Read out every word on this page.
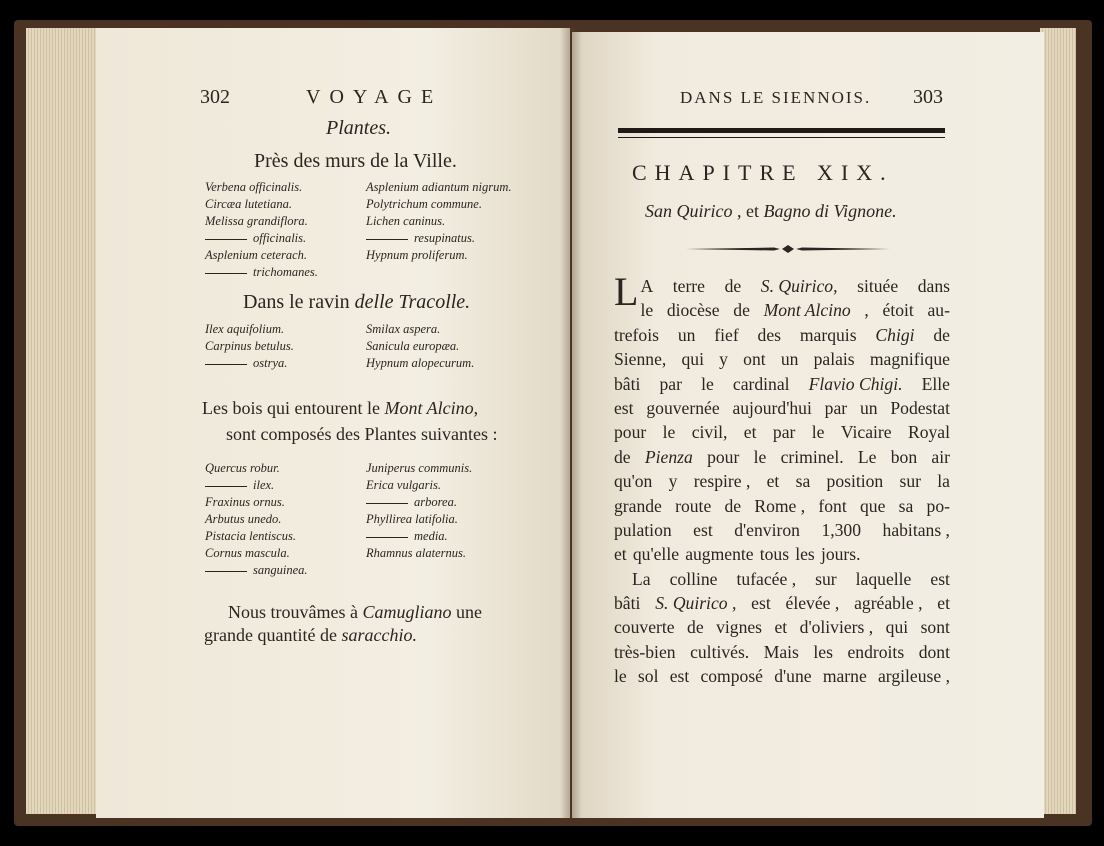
302	VOYAGE
Plantes.
Près des murs de la Ville.
Verbena officinalis.
Circæa lutetiana.
Melissa grandiflora.
officinalis.
Asplenium ceterach.
trichomanes.
Asplenium adiantum nigrum.
Polytrichum commune.
Lichen caninus.
resupinatus.
Hypnum proliferum.
Dans le ravin delle Tracolle.
Ilex aquifolium.
Carpinus betulus.
ostrya.
Smilax aspera.
Sanicula europæa.
Hypnum alopecurum.
Les bois qui entourent le Mont Alcino,
sont composés des Plantes suivantes :
Quercus robur.
ilex.
Fraxinus ornus.
Arbutus unedo.
Pistacia lentiscus.
Cornus mascula.
sanguinea.
Juniperus communis.
Erica vulgaris.
arborea.
Phyllirea latifolia.
media.
Rhamnus alaternus.
Nous trouvâmes à Camugliano une
grande quantité de saracchio.
DANS LE SIENNOIS. 303
CHAPITRE XIX.
San Quirico , et Bagno di Vignone.
L A terre de S. Quirico, située dans
le diocèse de Mont Alcino , étoit au-
trefois un fief des marquis Chigi de
Sienne, qui y ont un palais magnifique
bâti par le cardinal Flavio Chigi. Elle
est gouvernée aujourd'hui par un Podestat
pour le civil, et par le Vicaire Royal
de Pienza pour le criminel. Le bon air
qu'on y respire , et sa position sur la
grande route de Rome , font que sa po-
pulation est d'environ 1,300 habitans ,
et qu'elle augmente tous les jours.
La colline tufacée , sur laquelle est
bâti S. Quirico , est élevée , agréable , et
couverte de vignes et d'oliviers , qui sont
très-bien cultivés. Mais les endroits dont
le sol est composé d'une marne argileuse ,
